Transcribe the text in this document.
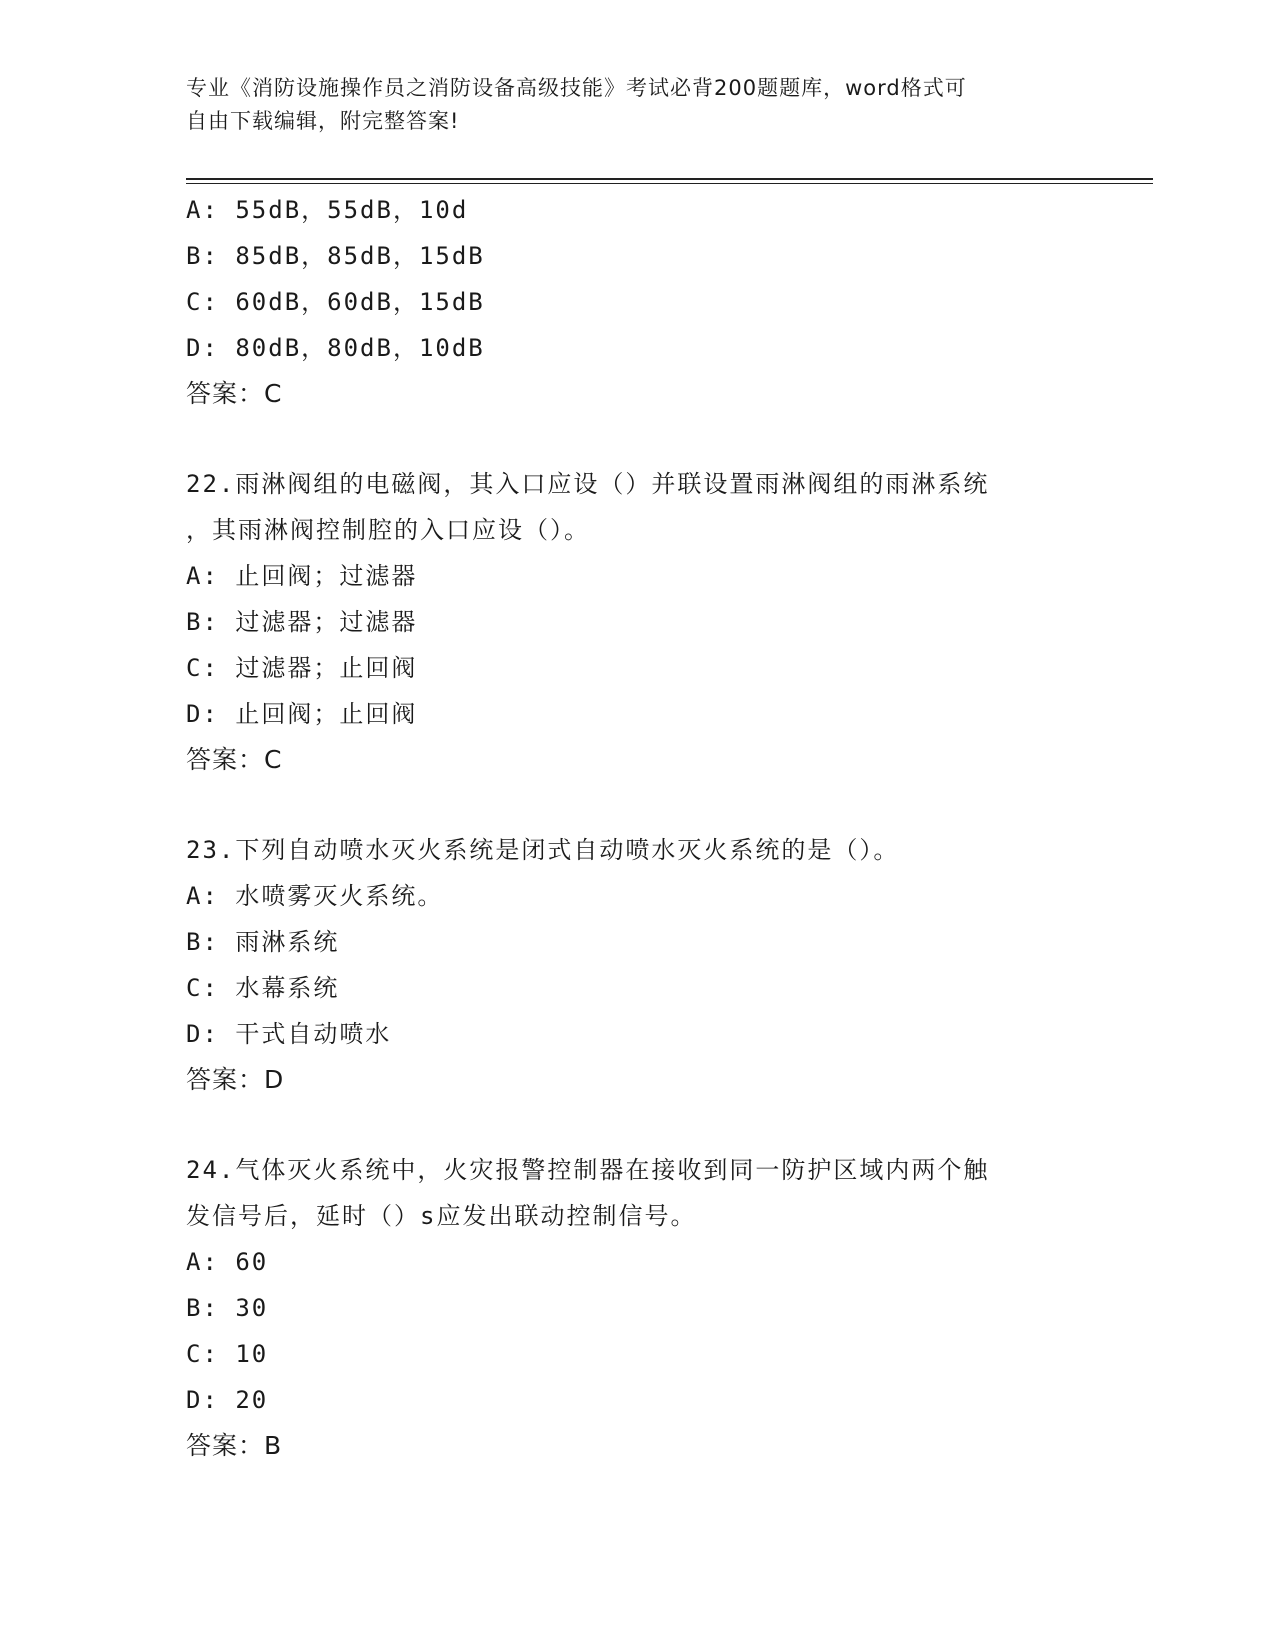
专业《消防设施操作员之消防设备高级技能》考试必背200题题库，word格式可
自由下载编辑，附完整答案!
A: 55dB，55dB，10d
B: 85dB，85dB，15dB
C: 60dB，60dB，15dB
D: 80dB，80dB，10dB
答案：C
22.雨淋阀组的电磁阀，其入口应设（）并联设置雨淋阀组的雨淋系统
，其雨淋阀控制腔的入口应设（）。
A: 止回阀；过滤器
B: 过滤器；过滤器
C: 过滤器；止回阀
D: 止回阀；止回阀
答案：C
23.下列自动喷水灭火系统是闭式自动喷水灭火系统的是（）。
A: 水喷雾灭火系统。
B: 雨淋系统
C: 水幕系统
D: 干式自动喷水
答案：D
24.气体灭火系统中，火灾报警控制器在接收到同一防护区域内两个触
发信号后，延时（）s应发出联动控制信号。
A: 60
B: 30
C: 10
D: 20
答案：B
